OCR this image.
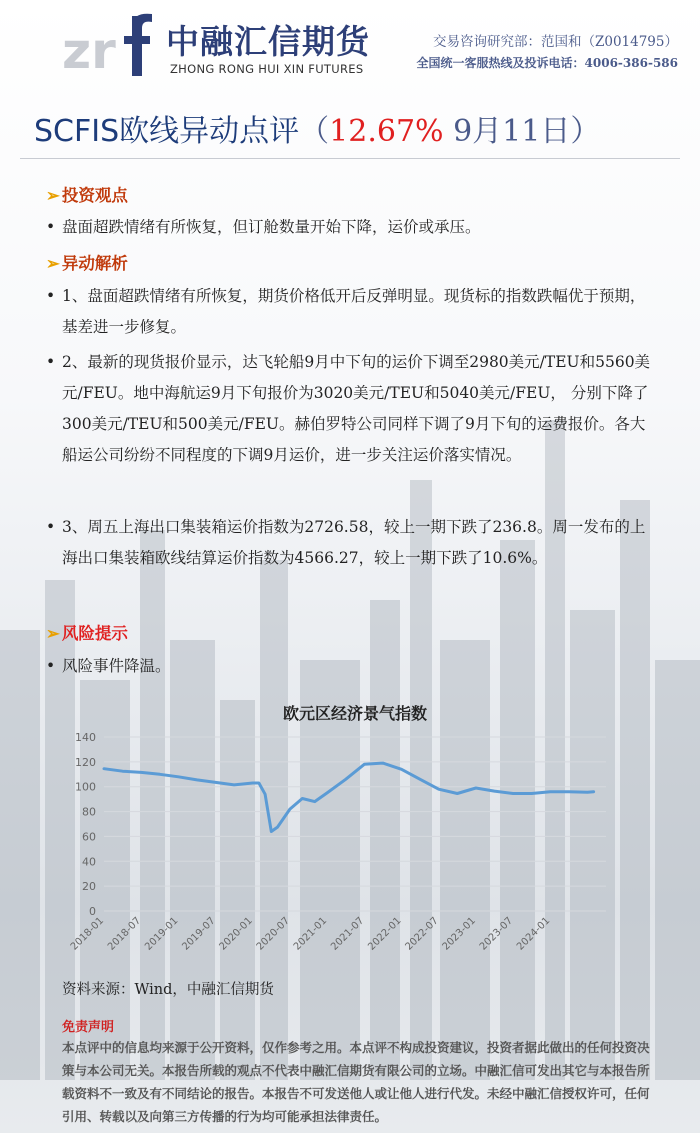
zr 中融汇信期货
ZHONG RONG HUI XIN FUTURES
交易咨询研究部：范国和（Z0014795）
全国统一客服热线及投诉电话：4006-386-586
SCFIS欧线异动点评（12.67% 9月11日）
➢ 投资观点
• 盘面超跌情绪有所恢复，但订舱数量开始下降，运价或承压。
➢ 异动解析
• 1、盘面超跌情绪有所恢复，期货价格低开后反弹明显。现货标的指数跌幅优于预期，基差进一步修复。
• 2、最新的现货报价显示，达飞轮船9月中下旬的运价下调至2980美元/TEU和5560美元/FEU。地中海航运9月下旬报价为3020美元/TEU和5040美元/FEU， 分别下降了300美元/TEU和500美元/FEU。赫伯罗特公司同样下调了9月下旬的运费报价。各大船运公司纷纷不同程度的下调9月运价，进一步关注运价落实情况。
• 3、周五上海出口集装箱运价指数为2726.58，较上一期下跌了236.8。周一发布的上海出口集装箱欧线结算运价指数为4566.27，较上一期下跌了10.6%。
➢ 风险提示
• 风险事件降温。
欧元区经济景气指数
0
20
40
60
80
100
120
140
2018-01 2018-07 2019-01 2019-07 2020-01 2020-07 2021-01 2021-07 2022-01 2022-07 2023-01 2023-07 2024-01
资料来源：Wind，中融汇信期货
免责声明
本点评中的信息均来源于公开资料，仅作参考之用。本点评不构成投资建议，投资者据此做出的任何投资决策与本公司无关。本报告所载的观点不代表中融汇信期货有限公司的立场。中融汇信可发出其它与本报告所载资料不一致及有不同结论的报告。本报告不可发送他人或让他人进行代发。未经中融汇信授权许可，任何引用、转载以及向第三方传播的行为均可能承担法律责任。
